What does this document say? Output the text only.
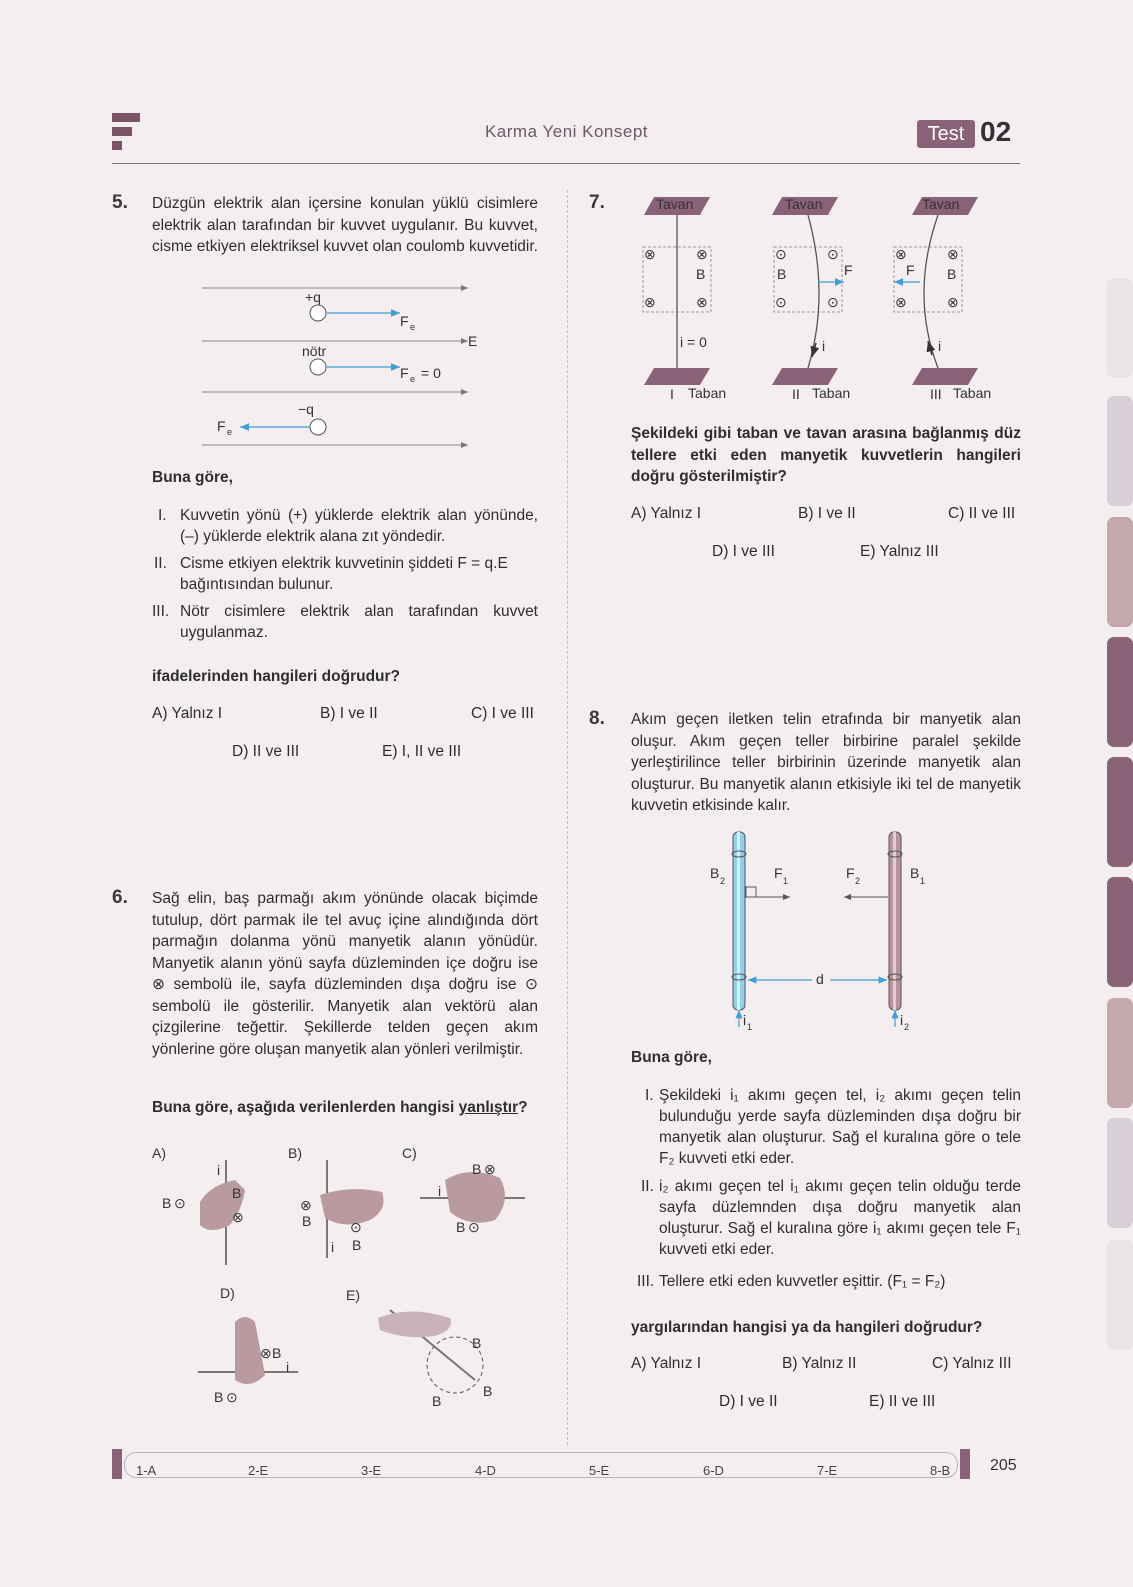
Karma Yeni Konsept	Test 02
5. Düzgün elektrik alan içersine konulan yüklü cisimlere elektrik alan tarafından bir kuvvet uygulanır. Bu kuvvet, cisme etkiyen elektriksel kuvvet olan coulomb kuvvetidir.
+q
F e
E
nötr
F e = 0
−q
F e
Buna göre,
I. Kuvvetin yönü (+) yüklerde elektrik alan yönünde, (–) yüklerde elektrik alana zıt yöndedir.
II. Cisme etkiyen elektrik kuvvetinin şiddeti F = q.E bağıntısından bulunur.
III. Nötr cisimlere elektrik alan tarafından kuvvet uygulanmaz.
ifadelerinden hangileri doğrudur?
A) Yalnız I	B) I ve II	C) I ve III
D) II ve III	E) I, II ve III
6. Sağ elin, baş parmağı akım yönünde olacak biçimde tutulup, dört parmak ile tel avuç içine alındığında dört parmağın dolanma yönü manyetik alanın yönüdür. Manyetik alanın yönü sayfa düzleminden içe doğru ise ⊗ sembolü ile, sayfa düzleminden dışa doğru ise ⊙ sembolü ile gösterilir. Manyetik alan vektörü alan çizgilerine teğettir. Şekillerde telden geçen akım yönlerine göre oluşan manyetik alan yönleri verilmiştir.
Buna göre, aşağıda verilenlerden hangisi yanlıştır?
A)
i
B ⊙
B
⊗
B)
⊗
B	⊙
B
i
C)
B ⊗
i
B ⊙
D)
⊗ B
i
B ⊙
E)
B
B
B
7.	Tavan	Tavan	Tavan
I Taban	II Taban	III Taban
⊗	⊗
⊗	⊗
B
i = 0	i
⊙	⊙
⊙	⊙
B	F
i
⊗	⊗
⊗	⊗
B
F
Şekildeki gibi taban ve tavan arasına bağlanmış düz tellere etki eden manyetik kuvvetlerin hangileri doğru gösterilmiştir?
A) Yalnız I	B) I ve II	C) II ve III
D) I ve III	E) Yalnız III
8. Akım geçen iletken telin etrafında bir manyetik alan oluşur. Akım geçen teller birbirine paralel şekilde yerleştirilince teller birbirinin üzerinde manyetik alan oluşturur. Bu manyetik alanın etkisiyle iki tel de manyetik kuvvetin etkisinde kalır.
B 2	F 1	F 2	B 1
d
i 1	i 2
Buna göre,
I. Şekildeki i₁ akımı geçen tel, i₂ akımı geçen telin bulunduğu yerde sayfa düzleminden dışa doğru bir manyetik alan oluşturur. Sağ el kuralına göre o tele F₂ kuvveti etki eder.
II. i₂ akımı geçen tel i₁ akımı geçen telin olduğu terde sayfa düzlemnden dışa doğru manyetik alan oluşturur. Sağ el kuralına göre i₁ akımı geçen tele F₁ kuvveti etki eder.
III. Tellere etki eden kuvvetler eşittir. (F₁ = F₂)
yargılarından hangisi ya da hangileri doğrudur?
A) Yalnız I	B) Yalnız II	C) Yalnız III
D) I ve II	E) II ve III
1-A	2-E	3-E	4-D	5-E	6-D	7-E	8-B 205
